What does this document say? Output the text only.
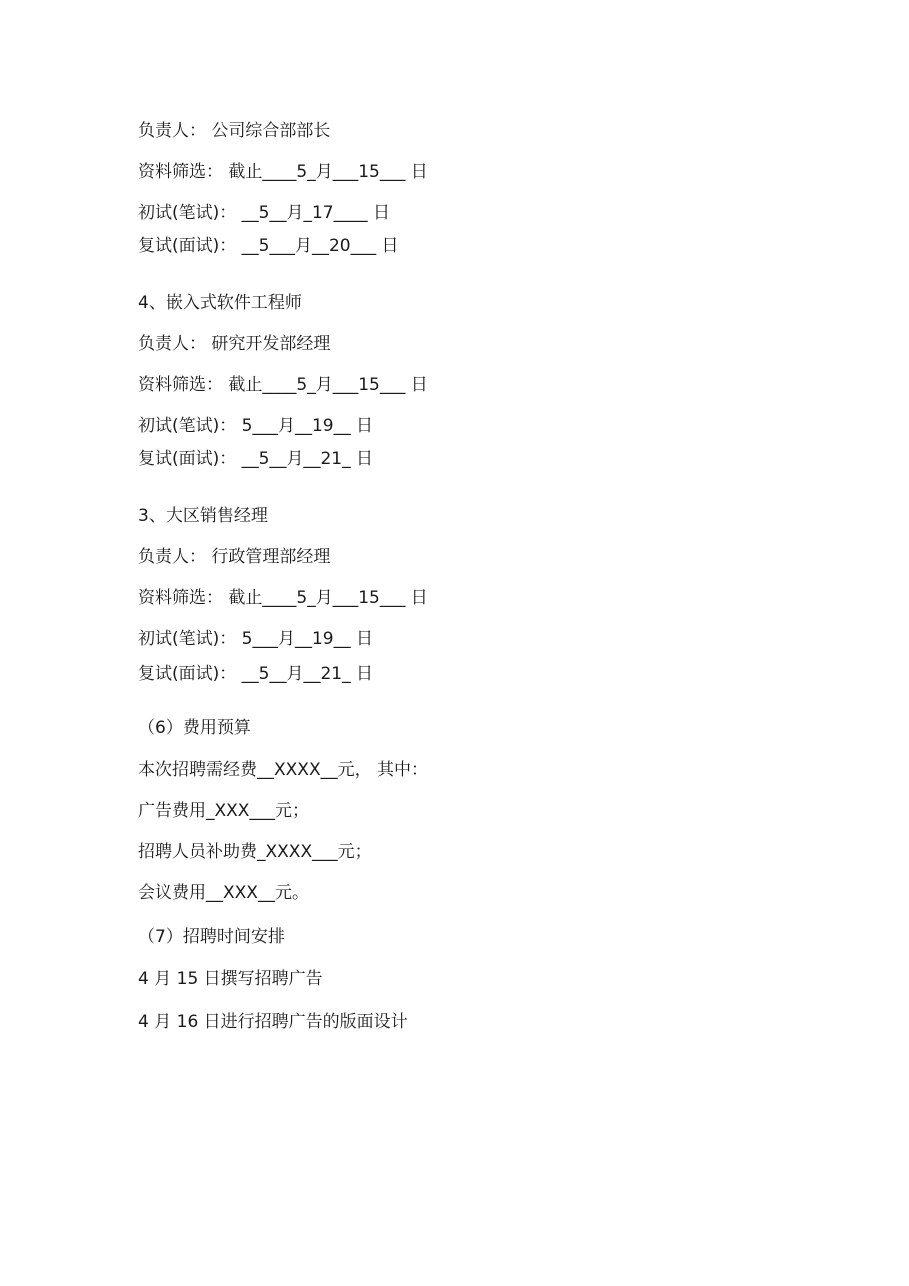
负责人： 公司综合部部长

资料筛选： 截止____5_月___15___ 日

初试(笔试)： __5__月_17____ 日

复试(面试)： __5___月__20___ 日

4、嵌入式软件工程师

负责人： 研究开发部经理

资料筛选： 截止____5_月___15___ 日

初试(笔试)： 5___月__19__ 日

复试(面试)： __5__月__21_ 日

3、大区销售经理

负责人： 行政管理部经理

资料筛选： 截止____5_月___15___ 日

初试(笔试)： 5___月__19__ 日

复试(面试)： __5__月__21_ 日

（6）费用预算

本次招聘需经费__XXXX__元， 其中：

广告费用_XXX___元；

招聘人员补助费_XXXX___元；

会议费用__XXX__元。

（7）招聘时间安排

4 月 15 日撰写招聘广告

4 月 16 日进行招聘广告的版面设计
